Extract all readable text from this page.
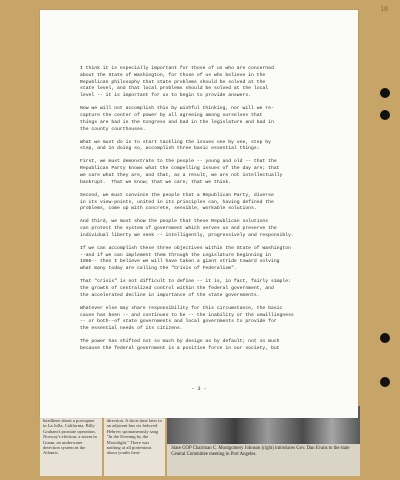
18
headlines about a porcupine in La Jolla, California, Billy Graham's prostate operation, Norway's election, a storm in Guam, an underwater detection system in the Atlantic,
direction. A short time later in an adjacent bus six beloved Hebrew spontaneously sang "In the Evening by the Moonlight." There was nothing at all portentous about youths beat-
State GOP Chairman C. Montgomery Johnson (right) introduces Gov. Dan Evans to the state Central Committee meeting in Port Angeles.
I think it is especially important for those of us who are concerned
about the State of Washington, for those of us who believe in the
Republican philosophy that state problems should be solved at the
state level, and that local problems should be solved at the local
level -- it is important for us to begin to provide answers.
Now we will not accomplish this by wishful thinking, nor will we re-
capture the center of power by all agreeing among ourselves that
things are bad in the Congress and bad in the legislature and bad in
the county courthouses.
What we must do is to start tackling the issues one by one, step by
step, and in doing so, accomplish three basic essential things:
First, we must demonstrate to the people -- young and old -- that the
Republican Party knows what the compelling issues of the day are; that
we care what they are, and that, as a result, we are not intellectually
bankrupt.  That we know; that we care; that we think.
Second, we must convince the people that a Republican Party, diverse
in its view-points, united in its principles can, having defined the
problems, come up with concrete, sensible, workable solutions.
And third, we must show the people that these Republican solutions
can protect the system of government which serves us and preserve the
individual liberty we seek -- intelligently, progressively and responsibly.
If we can accomplish these three objectives within the State of Washington
--and if we can implement them through the Legislature beginning in
1966-- then I believe we will have taken a giant stride toward solving
what many today are calling the "Crisis of Federalism".
That "crisis" is not difficult to define -- it is, in fact, fairly simple:
the growth of centralized control within the federal government, and
the accelerated decline in importance of the state governments.
Whatever else may share responsibility for this circumstance, the basic
cause has been -- and continues to be -- the inability or the unwillingness
-- or both--of state governments and local governments to provide for
the essential needs of its citizens.
The power has shifted not so much by design as by default; not so much
because the federal government is a positive force in our society, but
- 3 -
